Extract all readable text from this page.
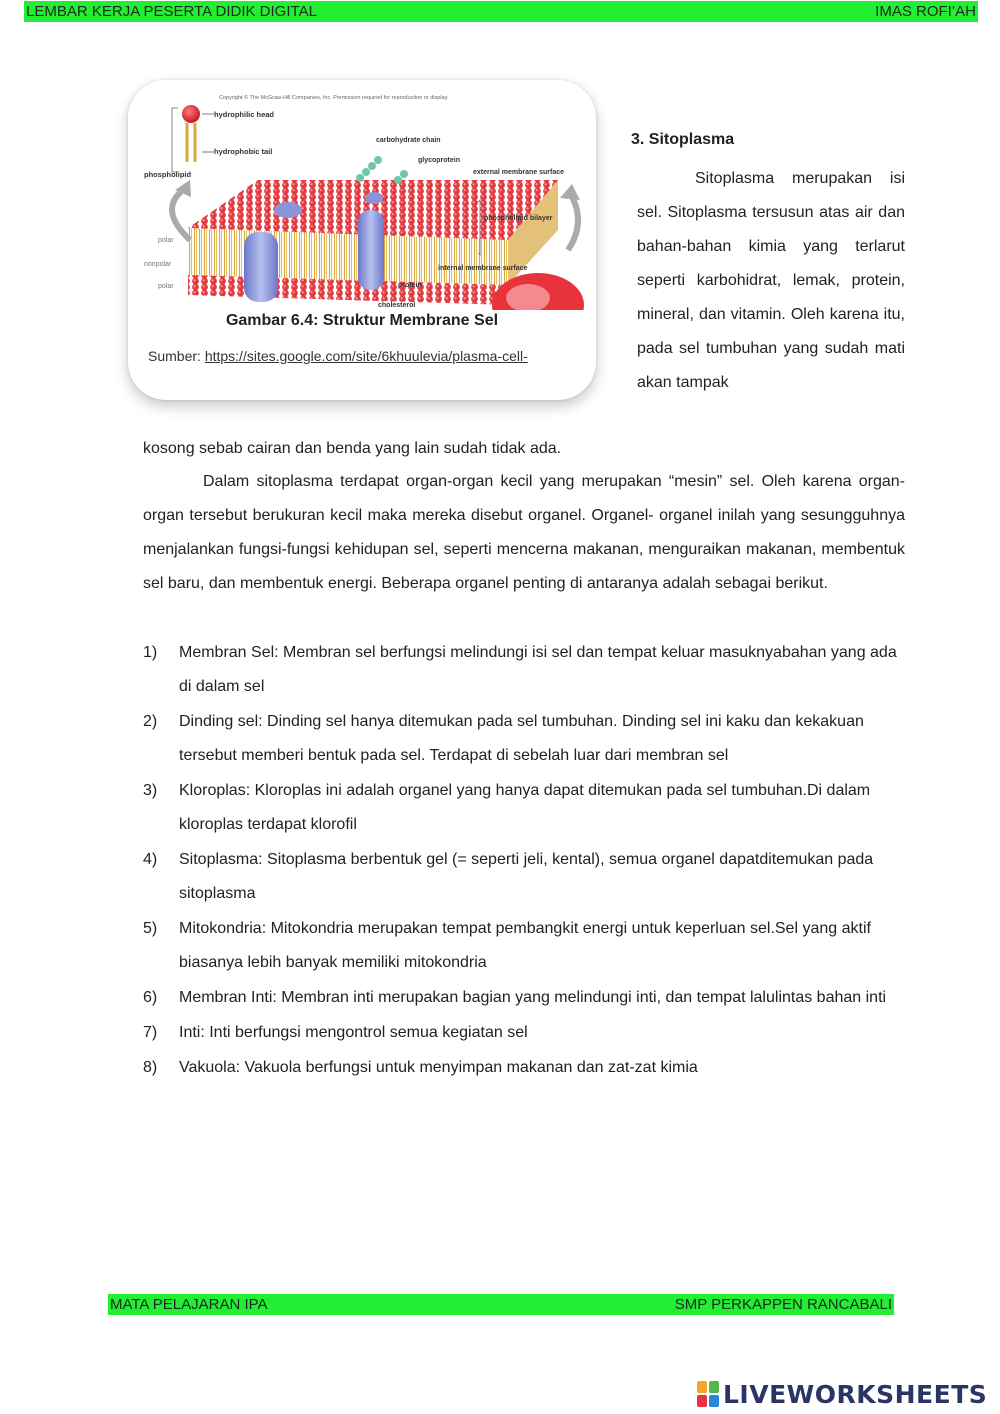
LEMBAR KERJA PESERTA DIDIK DIGITAL	IMAS ROFI’AH
Copyright © The McGraw-Hill Companies, Inc. Permission required for reproduction or display.
hydrophilic head
hydrophobic tail
phospholipid
polar
nonpolar
polar
carbohydrate chain
glycoprotein
external membrane surface
phospholipid bilayer
internal membrane surface
protein
cholesterol
Gambar 6.4: Struktur Membrane Sel
Sumber: https://sites.google.com/site/6khuulevia/plasma-cell-
3. Sitoplasma
Sitoplasma merupakan isi sel. Sitoplasma tersusun atas air dan bahan-bahan kimia yang terlarut seperti karbohidrat, lemak, protein, mineral, dan vitamin. Oleh karena itu, pada sel tumbuhan yang sudah mati akan tampak
kosong sebab cairan dan benda yang lain sudah tidak ada.
Dalam sitoplasma terdapat organ-organ kecil yang merupakan “mesin” sel. Oleh karena organ-organ tersebut berukuran kecil maka mereka disebut organel. Organel- organel inilah yang sesungguhnya menjalankan fungsi-fungsi kehidupan sel, seperti mencerna makanan, menguraikan makanan, membentuk sel baru, dan membentuk energi. Beberapa organel penting di antaranya adalah sebagai berikut.
1)	Membran Sel: Membran sel berfungsi melindungi isi sel dan tempat keluar masuknyabahan yang ada di dalam sel
2)	Dinding sel: Dinding sel hanya ditemukan pada sel tumbuhan. Dinding sel ini kaku dan kekakuan tersebut memberi bentuk pada sel. Terdapat di sebelah luar dari membran sel
3)	Kloroplas: Kloroplas ini adalah organel yang hanya dapat ditemukan pada sel tumbuhan.Di dalam kloroplas terdapat klorofil
4)	Sitoplasma: Sitoplasma berbentuk gel (= seperti jeli, kental), semua organel dapatditemukan pada sitoplasma
5)	Mitokondria: Mitokondria merupakan tempat pembangkit energi untuk keperluan sel.Sel yang aktif biasanya lebih banyak memiliki mitokondria
6)	Membran Inti: Membran inti merupakan bagian yang melindungi inti, dan tempat lalulintas bahan inti
7)	Inti: Inti berfungsi mengontrol semua kegiatan sel
8)	Vakuola: Vakuola berfungsi untuk menyimpan makanan dan zat-zat kimia
MATA PELAJARAN IPA	SMP PERKAPPEN RANCABALI
LIVEWORKSHEETS
